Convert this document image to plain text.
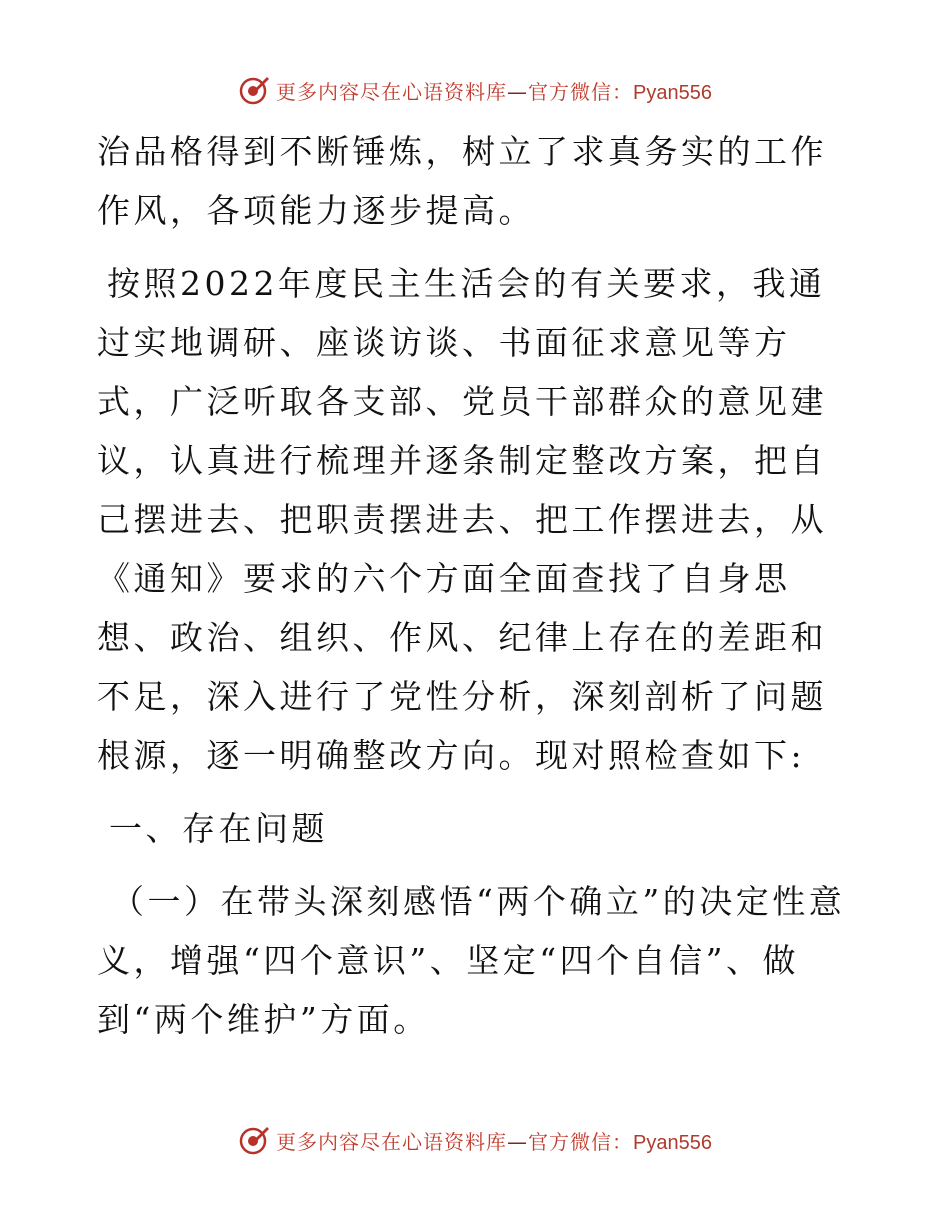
更多内容尽在心语资料库—官方微信：Pyan556

治品格得到不断锤炼，树立了求真务实的工作作风，各项能力逐步提高。

按照2022年度民主生活会的有关要求，我通过实地调研、座谈访谈、书面征求意见等方式，广泛听取各支部、党员干部群众的意见建议，认真进行梳理并逐条制定整改方案，把自己摆进去、把职责摆进去、把工作摆进去，从《通知》要求的六个方面全面查找了自身思想、政治、组织、作风、纪律上存在的差距和不足，深入进行了党性分析，深刻剖析了问题根源，逐一明确整改方向。现对照检查如下:

一、存在问题

（一）在带头深刻感悟“两个确立”的决定性意义，增强“四个意识”、坚定“四个自信”、做到“两个维护”方面。

更多内容尽在心语资料库—官方微信：Pyan556
